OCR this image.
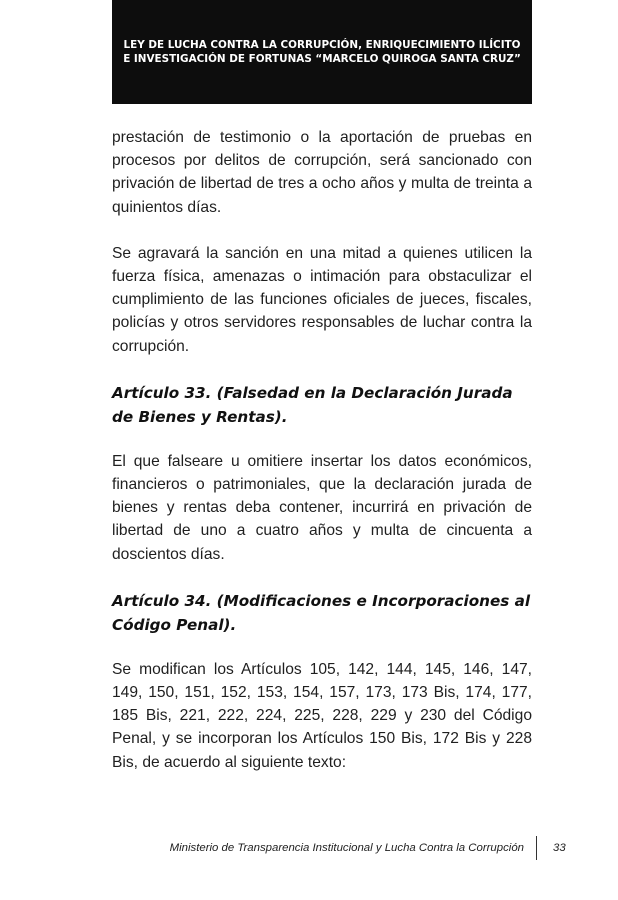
LEY DE LUCHA CONTRA LA CORRUPCIÓN, ENRIQUECIMIENTO ILÍCITO E INVESTIGACIÓN DE FORTUNAS “MARCELO QUIROGA SANTA CRUZ”

prestación de testimonio o la aportación de pruebas en procesos por delitos de corrupción, será sancionado con privación de libertad de tres a ocho años y multa de treinta a quinientos días.

Se agravará la sanción en una mitad a quienes utilicen la fuerza física, amenazas o intimación para obstaculizar el cumplimiento de las funciones oficiales de jueces, fiscales, policías y otros servidores responsables de luchar contra la corrupción.

Artículo 33. (Falsedad en la Declaración Jurada de Bienes y Rentas).

El que falseare u omitiere insertar los datos económicos, financieros o patrimoniales, que la declaración jurada de bienes y rentas deba contener, incurrirá en privación de libertad de uno a cuatro años y multa de cincuenta a doscientos días.

Artículo 34. (Modificaciones e Incorporaciones al Código Penal).

Se modifican los Artículos 105, 142, 144, 145, 146, 147, 149, 150, 151, 152, 153, 154, 157, 173, 173 Bis, 174, 177, 185 Bis, 221, 222, 224, 225, 228, 229 y 230 del Código Penal, y se incorporan los Artículos 150 Bis, 172 Bis y 228 Bis, de acuerdo al siguiente texto:

Ministerio de Transparencia Institucional y Lucha Contra la Corrupción	33
